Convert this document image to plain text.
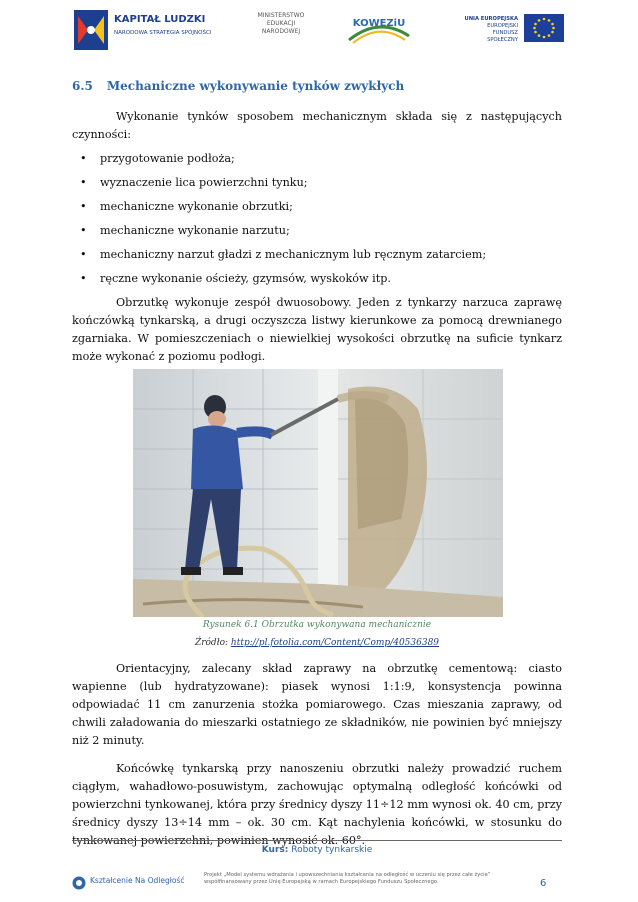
KAPITAŁ LUDZKI
NARODOWA STRATEGIA SPÓJNOŚCI
MINISTERSTWO EDUKACJI NARODOWEJ
KOWEZiU	UNIA EUROPEJSKA
EUROPEJSKI
FUNDUSZ SPOŁECZNY
6.5 Mechaniczne wykonywanie tynków zwykłych

Wykonanie tynków sposobem mechanicznym składa się z następujących czynności:

• przygotowanie podłoża;
• wyznaczenie lica powierzchni tynku;
• mechaniczne wykonanie obrzutki;
• mechaniczne wykonanie narzutu;
• mechaniczny narzut gładzi z mechanicznym lub ręcznym zatarciem;
• ręczne wykonanie ościeży, gzymsów, wyskoków itp.

Obrzutkę wykonuje zespół dwuosobowy. Jeden z tynkarzy narzuca zaprawę kończówką tynkarską, a drugi oczyszcza listwy kierunkowe za pomocą drewnianego zgarniaka. W pomieszczeniach o niewielkiej wysokości obrzutkę na suficie tynkarz może wykonać z poziomu podłogi.

Rysunek 6.1 Obrzutka wykonywana mechanicznie
Źródło: http://pl.fotolia.com/Content/Comp/40536389

Orientacyjny, zalecany skład zaprawy na obrzutkę cementową: ciasto wapienne (lub hydratyzowane): piasek wynosi 1:1:9, konsystencja powinna odpowiadać 11 cm zanurzenia stożka pomiarowego. Czas mieszania zaprawy, od chwili załadowania do mieszarki ostatniego ze składników, nie powinien być mniejszy niż 2 minuty.

Końcówkę tynkarską przy nanoszeniu obrzutki należy prowadzić ruchem ciągłym, wahadłowo-posuwistym, zachowując optymalną odległość końcówki od powierzchni tynkowanej, która przy średnicy dyszy 11÷12 mm wynosi ok. 40 cm, przy średnicy dyszy 13÷14 mm – ok. 30 cm. Kąt nachylenia końcówki, w stosunku do tynkowanej powierzchni, powinien wynosić ok. 60°.

Kurs: Roboty tynkarskie
Kształcenie Na Odległość
Projekt „Model systemu wdrażania i upowszechniania kształcenia na odległość w uczeniu się przez całe życie” współfinansowany przez Unię Europejską w ramach Europejskiego Funduszu Społecznego.	6
